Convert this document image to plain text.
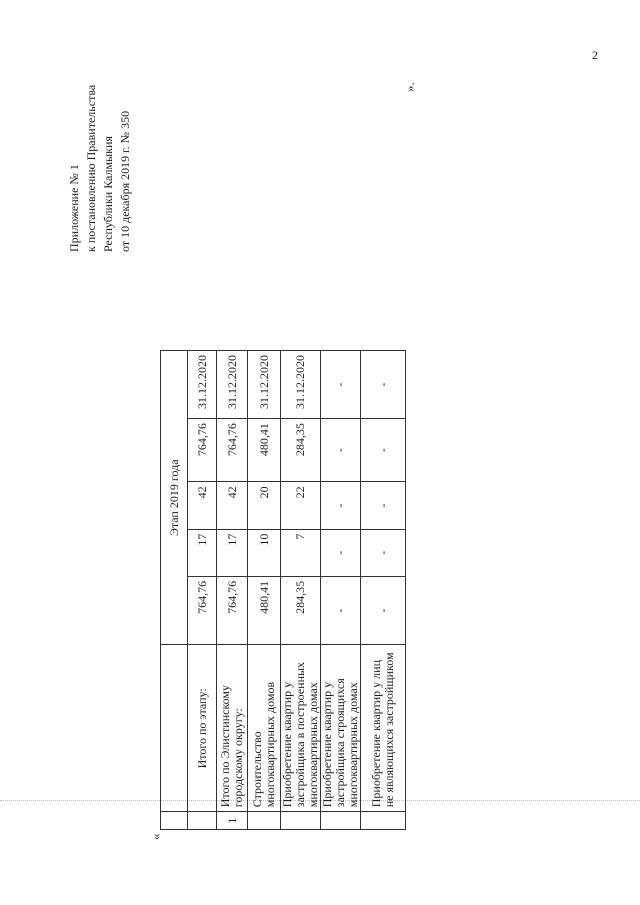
2
Приложение № 1 к постановлению Правительства Республики Калмыкия от 10 декабря 2019 г. № 350
».
«
		Этап 2019 года				
	Итого по этапу:	764,76	17	42	764,76	31.12.2020
1	Итого по Элистинскому городскому округу:	764,76	17	42	764,76	31.12.2020
	Строительство многоквартирных домов	480,41	10	20	480,41	31.12.2020
	Приобретение квартир у застройщика в построенных многоквартирных домах	284,35	7	22	284,35	31.12.2020
	Приобретение квартир у застройщика строящихся многоквартирных домах	-	-	-	-	-
	Приобретение квартир у лиц не являющихся застройщиком	-	-	-	-	-
